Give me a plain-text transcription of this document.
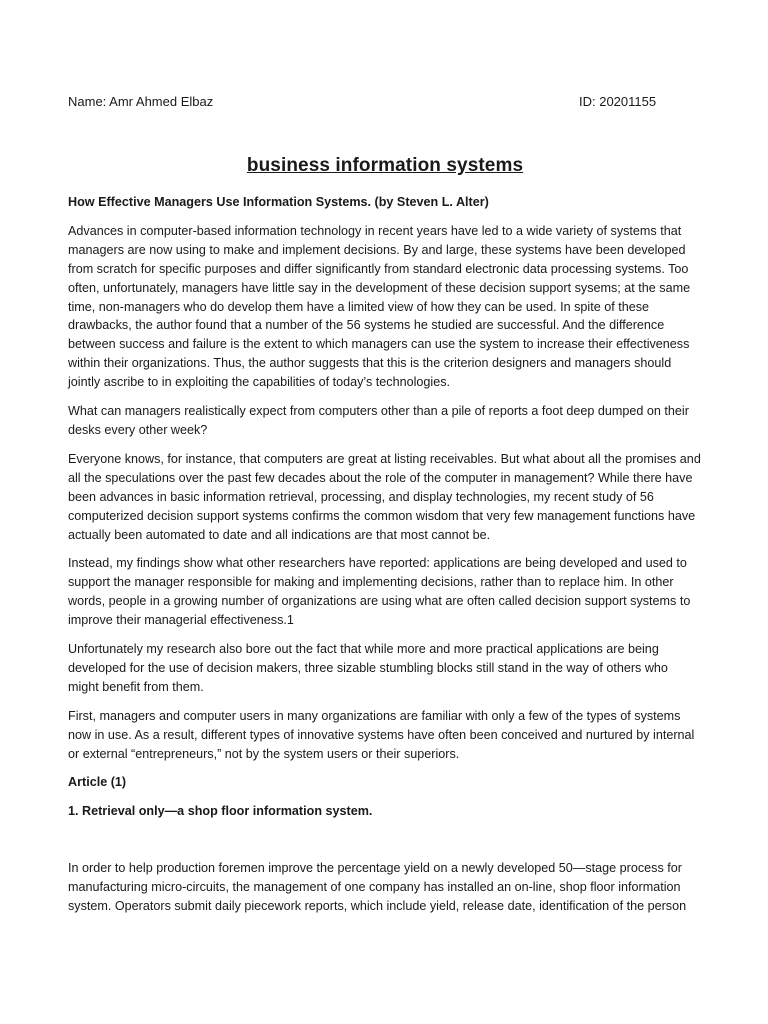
Name: Amr Ahmed Elbaz	ID: 20201155
business information systems

How Effective Managers Use Information Systems. (by Steven L. Alter)

Advances in computer-based information technology in recent years have led to a wide variety of systems that managers are now using to make and implement decisions. By and large, these systems have been developed from scratch for specific purposes and differ significantly from standard electronic data processing systems. Too often, unfortunately, managers have little say in the development of these decision support sysems; at the same time, non-managers who do develop them have a limited view of how they can be used. In spite of these drawbacks, the author found that a number of the 56 systems he studied are successful. And the difference between success and failure is the extent to which managers can use the system to increase their effectiveness within their organizations. Thus, the author suggests that this is the criterion designers and managers should jointly ascribe to in exploiting the capabilities of today’s technologies.

What can managers realistically expect from computers other than a pile of reports a foot deep dumped on their desks every other week?

Everyone knows, for instance, that computers are great at listing receivables. But what about all the promises and all the speculations over the past few decades about the role of the computer in management? While there have been advances in basic information retrieval, processing, and display technologies, my recent study of 56 computerized decision support systems confirms the common wisdom that very few management functions have actually been automated to date and all indications are that most cannot be.

Instead, my findings show what other researchers have reported: applications are being developed and used to support the manager responsible for making and implementing decisions, rather than to replace him. In other words, people in a growing number of organizations are using what are often called decision support systems to improve their managerial effectiveness.1

Unfortunately my research also bore out the fact that while more and more practical applications are being developed for the use of decision makers, three sizable stumbling blocks still stand in the way of others who might benefit from them.

First, managers and computer users in many organizations are familiar with only a few of the types of systems now in use. As a result, different types of innovative systems have often been conceived and nurtured by internal or external “entrepreneurs,” not by the system users or their superiors.

Article (1)

1. Retrieval only—a shop floor information system.

In order to help production foremen improve the percentage yield on a newly developed 50—stage process for manufacturing micro-circuits, the management of one company has installed an on-line, shop floor information system. Operators submit daily piecework reports, which include yield, release date, identification of the person
